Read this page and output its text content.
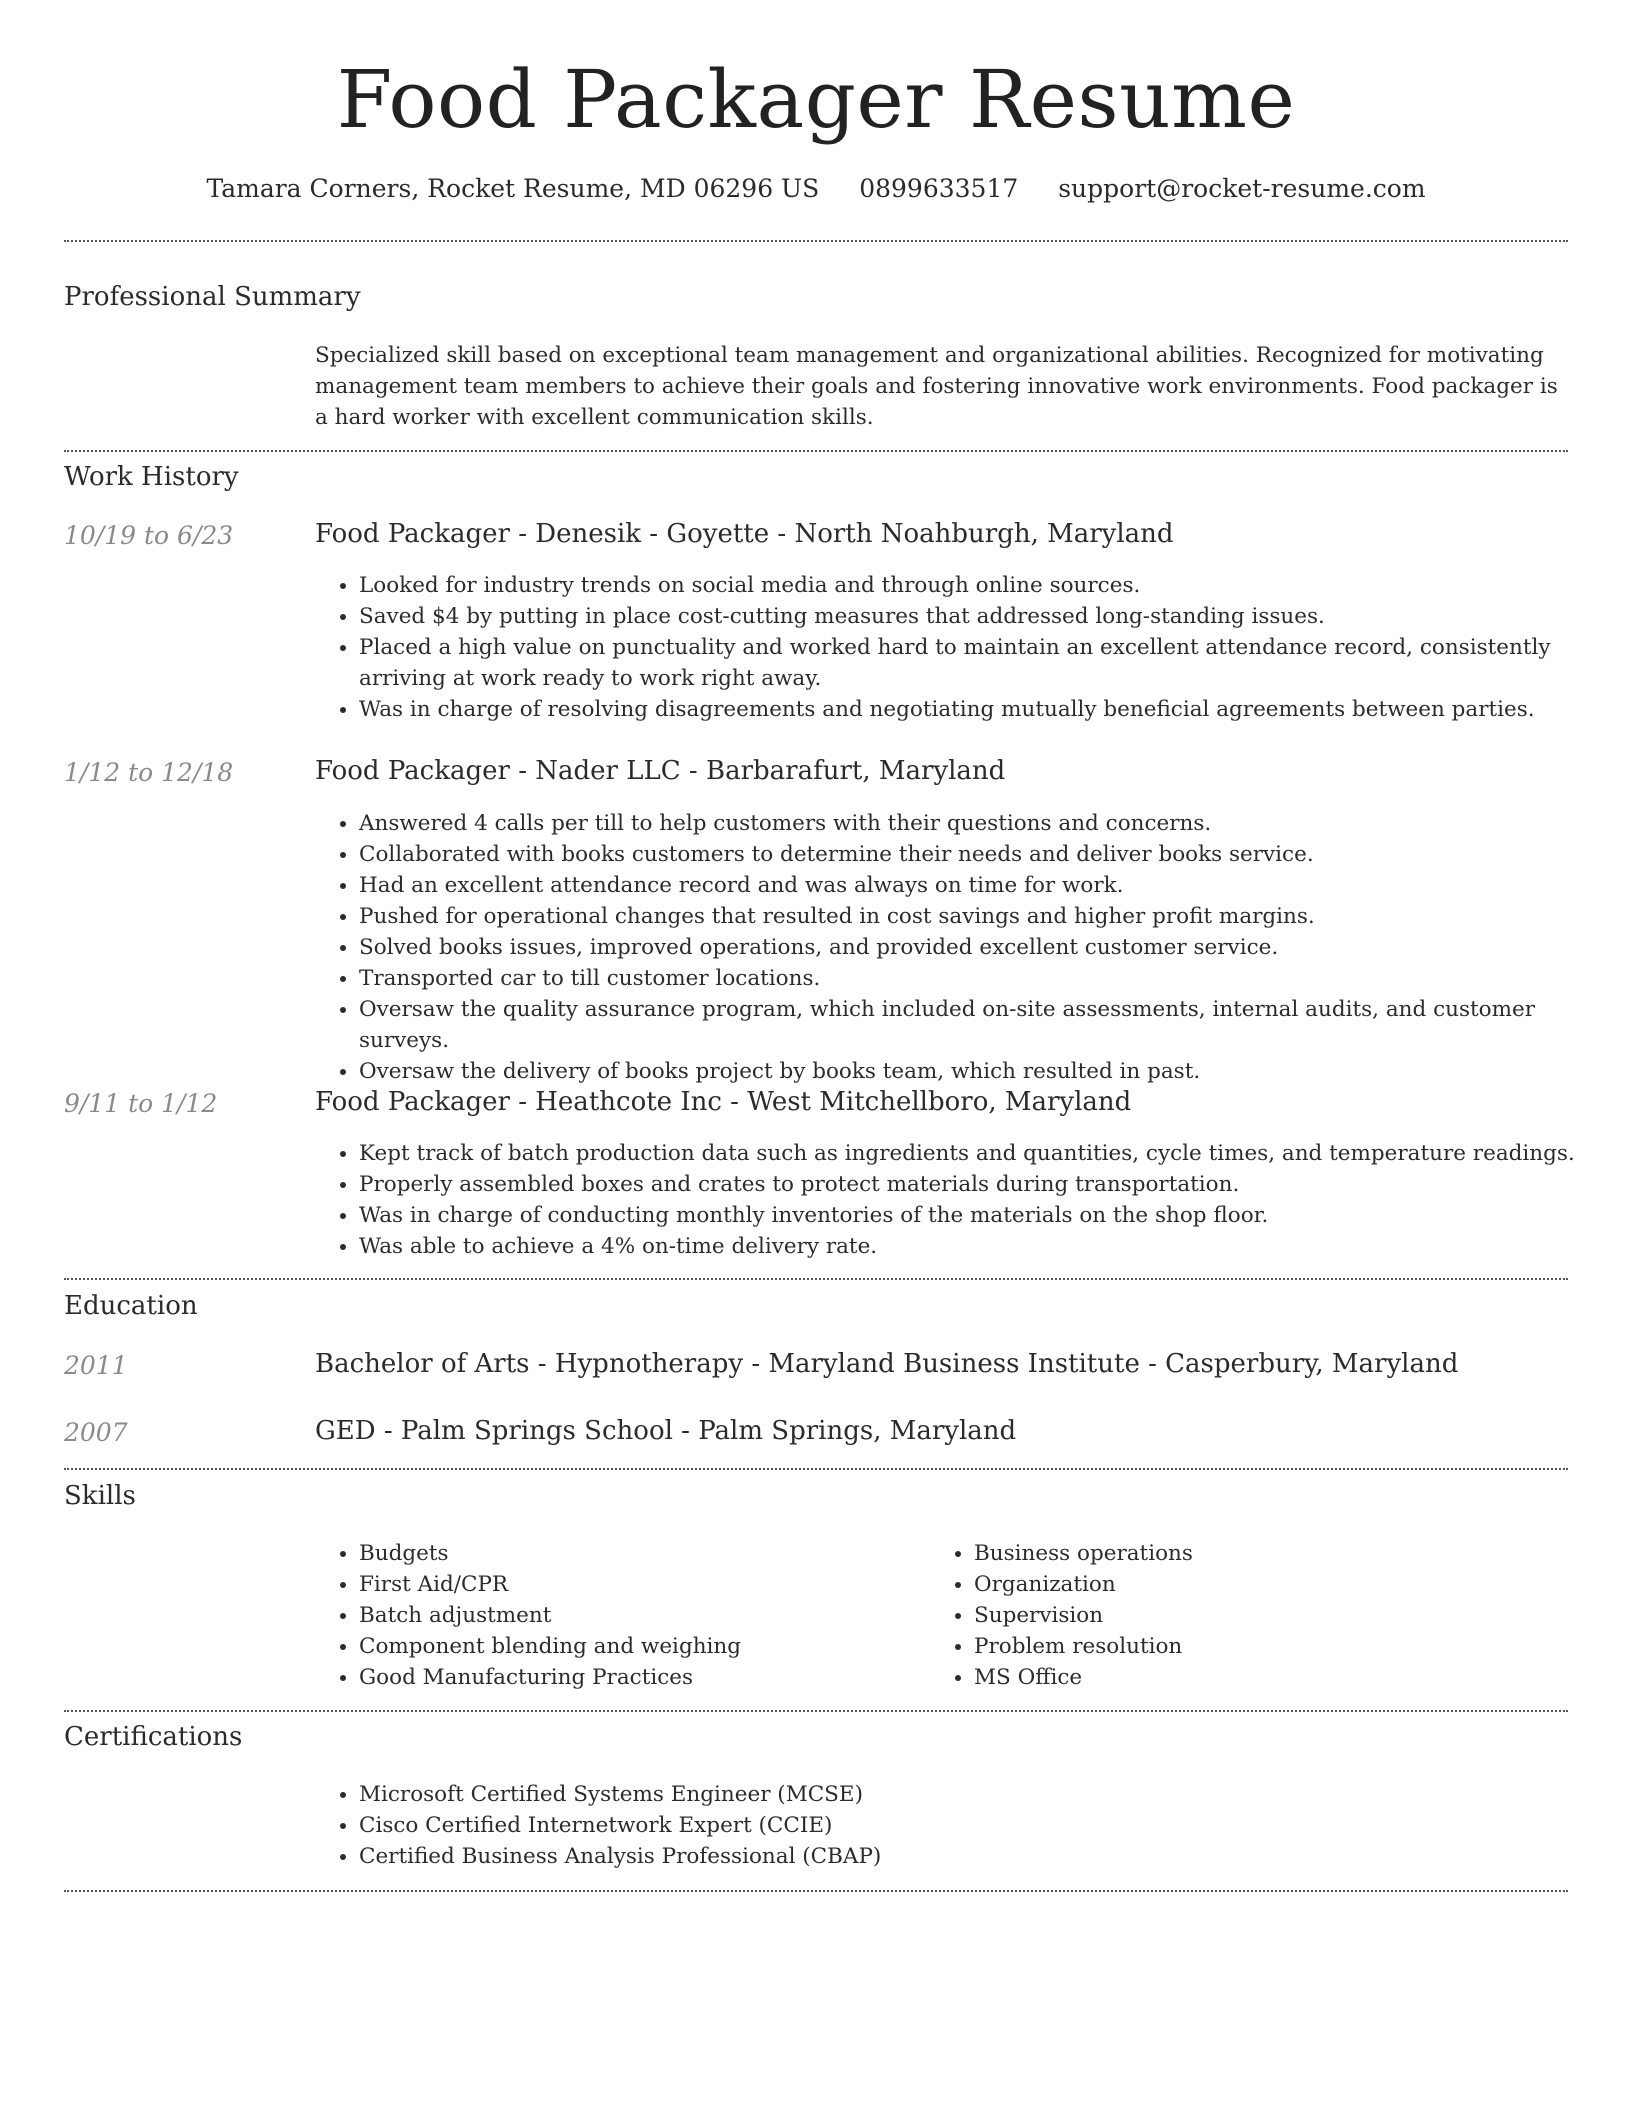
Food Packager Resume
Tamara Corners, Rocket Resume, MD 06296 US 0899633517 support@rocket-resume.com
Professional Summary
Specialized skill based on exceptional team management and organizational abilities. Recognized for motivating management team members to achieve their goals and fostering innovative work environments. Food packager is a hard worker with excellent communication skills.
Work History
10/19 to 6/23	Food Packager - Denesik - Goyette - North Noahburgh, Maryland
• Looked for industry trends on social media and through online sources.
• Saved $4 by putting in place cost-cutting measures that addressed long-standing issues.
• Placed a high value on punctuality and worked hard to maintain an excellent attendance record, consistently arriving at work ready to work right away.
• Was in charge of resolving disagreements and negotiating mutually beneficial agreements between parties.
1/12 to 12/18	Food Packager - Nader LLC - Barbarafurt, Maryland
• Answered 4 calls per till to help customers with their questions and concerns.
• Collaborated with books customers to determine their needs and deliver books service.
• Had an excellent attendance record and was always on time for work.
• Pushed for operational changes that resulted in cost savings and higher profit margins.
• Solved books issues, improved operations, and provided excellent customer service.
• Transported car to till customer locations.
• Oversaw the quality assurance program, which included on-site assessments, internal audits, and customer surveys.
• Oversaw the delivery of books project by books team, which resulted in past.
9/11 to 1/12	Food Packager - Heathcote Inc - West Mitchellboro, Maryland
• Kept track of batch production data such as ingredients and quantities, cycle times, and temperature readings.
• Properly assembled boxes and crates to protect materials during transportation.
• Was in charge of conducting monthly inventories of the materials on the shop floor.
• Was able to achieve a 4% on-time delivery rate.
Education
2011	Bachelor of Arts - Hypnotherapy - Maryland Business Institute - Casperbury, Maryland
2007	GED - Palm Springs School - Palm Springs, Maryland
Skills
• Budgets
• First Aid/CPR
• Batch adjustment
• Component blending and weighing
• Good Manufacturing Practices
• Business operations
• Organization
• Supervision
• Problem resolution
• MS Office
Certifications
• Microsoft Certified Systems Engineer (MCSE)
• Cisco Certified Internetwork Expert (CCIE)
• Certified Business Analysis Professional (CBAP)
